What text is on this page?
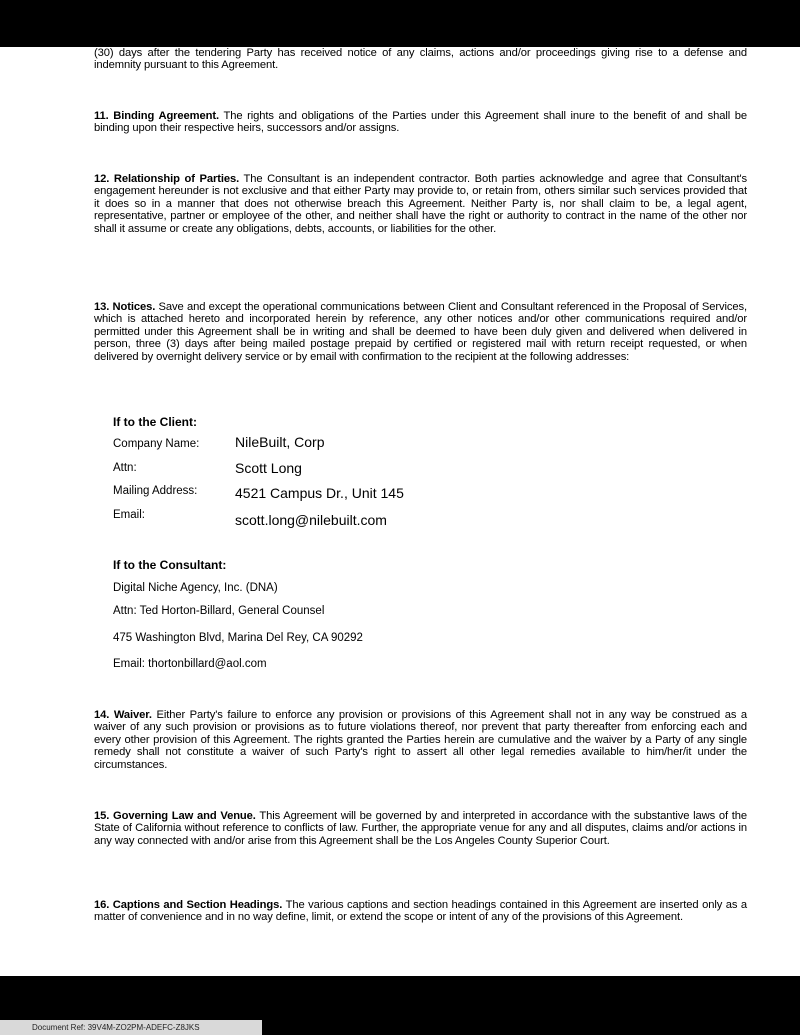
(30) days after the tendering Party has received notice of any claims, actions and/or proceedings giving rise to a defense and indemnity pursuant to this Agreement.
11. Binding Agreement. The rights and obligations of the Parties under this Agreement shall inure to the benefit of and shall be binding upon their respective heirs, successors and/or assigns.
12. Relationship of Parties. The Consultant is an independent contractor. Both parties acknowledge and agree that Consultant's engagement hereunder is not exclusive and that either Party may provide to, or retain from, others similar such services provided that it does so in a manner that does not otherwise breach this Agreement. Neither Party is, nor shall claim to be, a legal agent, representative, partner or employee of the other, and neither shall have the right or authority to contract in the name of the other nor shall it assume or create any obligations, debts, accounts, or liabilities for the other.
13. Notices. Save and except the operational communications between Client and Consultant referenced in the Proposal of Services, which is attached hereto and incorporated herein by reference, any other notices and/or other communications required and/or permitted under this Agreement shall be in writing and shall be deemed to have been duly given and delivered when delivered in person, three (3) days after being mailed postage prepaid by certified or registered mail with return receipt requested, or when delivered by overnight delivery service or by email with confirmation to the recipient at the following addresses:
If to the Client:
Company Name:	NileBuilt, Corp
Attn:	Scott Long
Mailing Address:	4521 Campus Dr., Unit 145
Email:	scott.long@nilebuilt.com
If to the Consultant:
Digital Niche Agency, Inc. (DNA)
Attn: Ted Horton-Billard, General Counsel
475 Washington Blvd, Marina Del Rey, CA 90292
Email: thortonbillard@aol.com
14. Waiver. Either Party's failure to enforce any provision or provisions of this Agreement shall not in any way be construed as a waiver of any such provision or provisions as to future violations thereof, nor prevent that party thereafter from enforcing each and every other provision of this Agreement. The rights granted the Parties herein are cumulative and the waiver by a Party of any single remedy shall not constitute a waiver of such Party's right to assert all other legal remedies available to him/her/it under the circumstances.
15. Governing Law and Venue. This Agreement will be governed by and interpreted in accordance with the substantive laws of the State of California without reference to conflicts of law. Further, the appropriate venue for any and all disputes, claims and/or actions in any way connected with and/or arise from this Agreement shall be the Los Angeles County Superior Court.
16. Captions and Section Headings. The various captions and section headings contained in this Agreement are inserted only as a matter of convenience and in no way define, limit, or extend the scope or intent of any of the provisions of this Agreement.
Document Ref: 39V4M-ZO2PM-ADEFC-Z8JKS
